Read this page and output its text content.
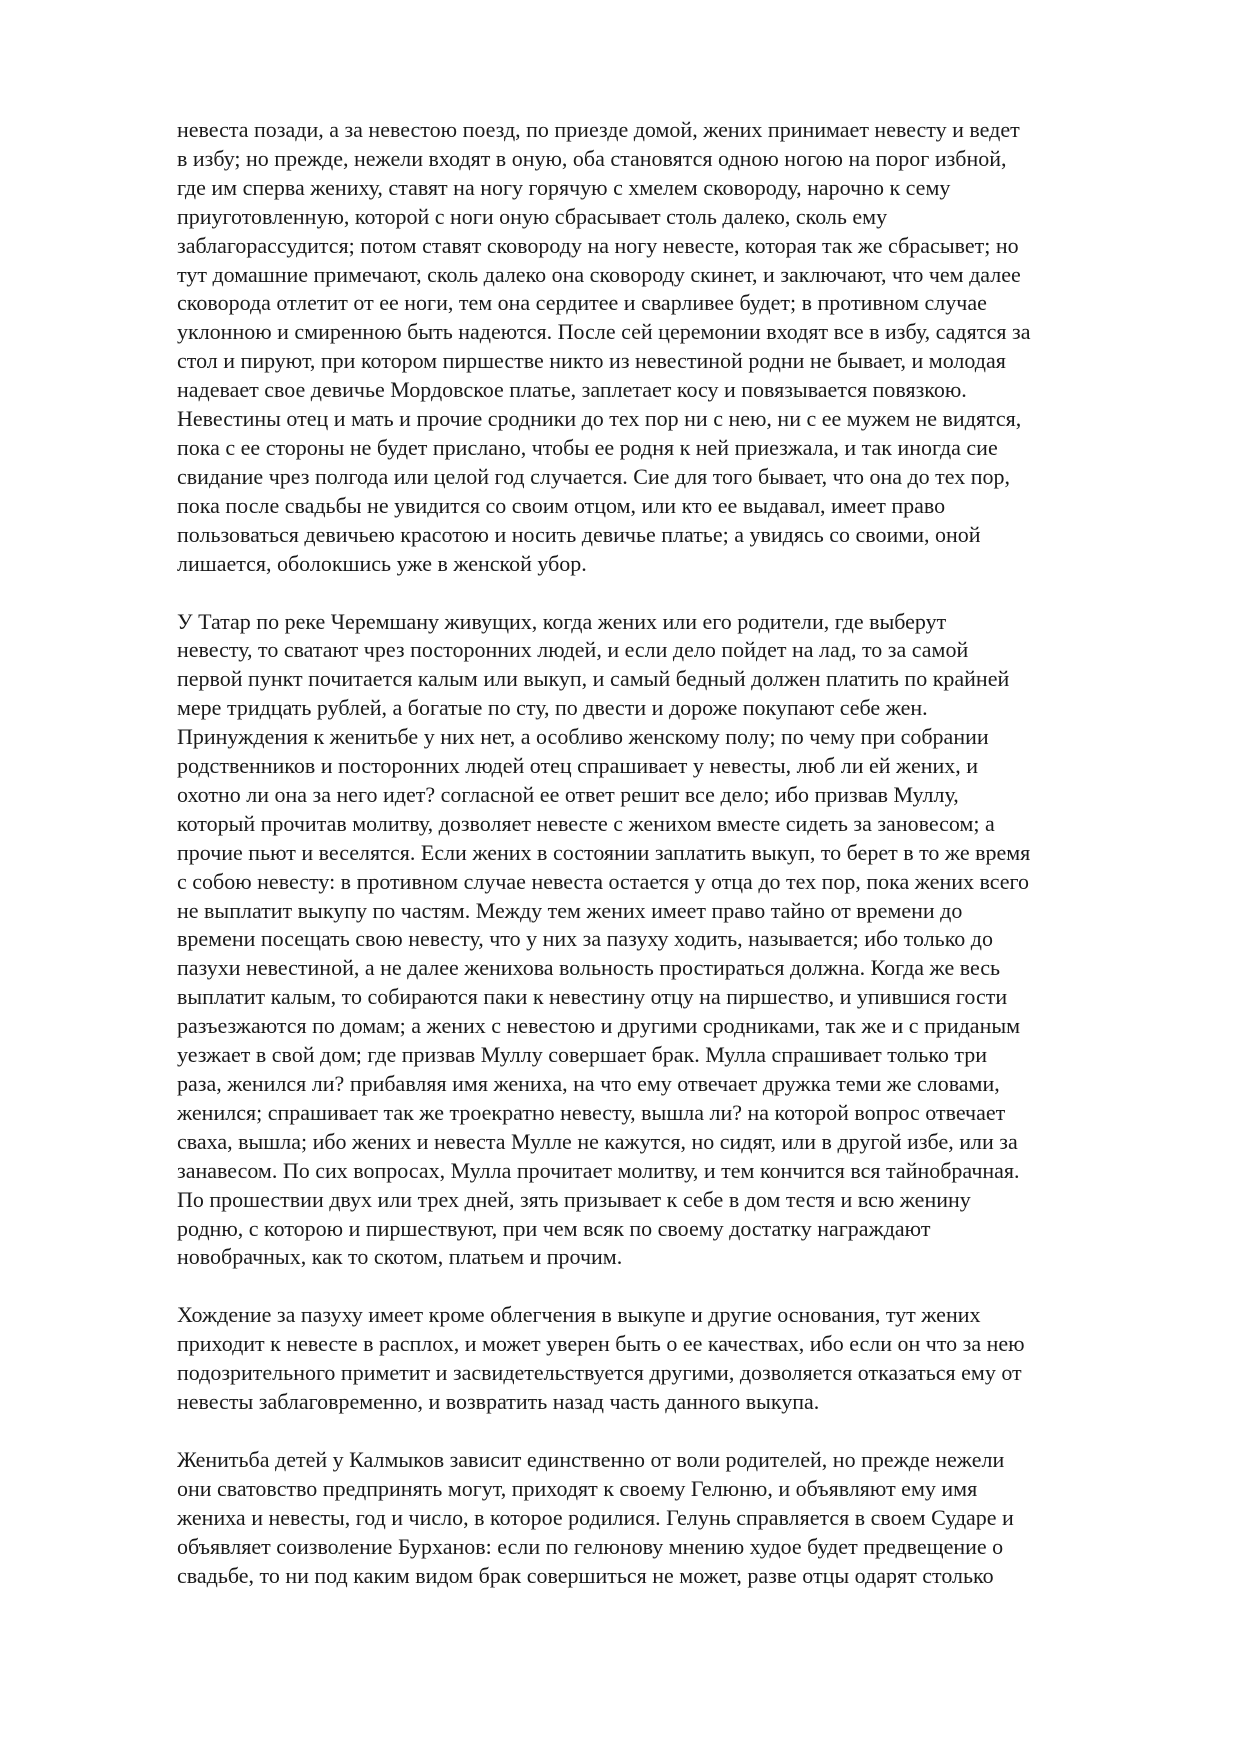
невеста позади, а за невестою поезд, по приезде домой, жених принимает невесту и ведет
в избу; но прежде, нежели входят в оную, оба становятся одною ногою на порог избной,
где им сперва жениху, ставят на ногу горячую с хмелем сковороду, нарочно к сему
приуготовленную, которой с ноги оную сбрасывает столь далеко, сколь ему
заблагорассудится; потом ставят сковороду на ногу невесте, которая так же сбрасывет; но
тут домашние примечают, сколь далеко она сковороду скинет, и заключают, что чем далее
сковорода отлетит от ее ноги, тем она сердитее и сварливее будет; в противном случае
уклонною и смиренною быть надеются. После сей церемонии входят все в избу, садятся за
стол и пируют, при котором пиршестве никто из невестиной родни не бывает, и молодая
надевает свое девичье Мордовское платье, заплетает косу и повязывается повязкою.
Невестины отец и мать и прочие сродники до тех пор ни с нею, ни с ее мужем не видятся,
пока с ее стороны не будет прислано, чтобы ее родня к ней приезжала, и так иногда сие
свидание чрез полгода или целой год случается. Сие для того бывает, что она до тех пор,
пока после свадьбы не увидится со своим отцом, или кто ее выдавал, имеет право
пользоваться девичьею красотою и носить девичье платье; а увидясь со своими, оной
лишается, оболокшись уже в женской убор.

У Татар по реке Черемшану живущих, когда жених или его родители, где выберут
невесту, то сватают чрез посторонних людей, и если дело пойдет на лад, то за самой
первой пункт почитается калым или выкуп, и самый бедный должен платить по крайней
мере тридцать рублей, а богатые по сту, по двести и дороже покупают себе жен.
Принуждения к женитьбе у них нет, а особливо женскому полу; по чему при собрании
родственников и посторонних людей отец спрашивает у невесты, люб ли ей жених, и
охотно ли она за него идет? согласной ее ответ решит все дело; ибо призвав Муллу,
который прочитав молитву, дозволяет невесте с женихом вместе сидеть за зановесом; а
прочие пьют и веселятся. Если жених в состоянии заплатить выкуп, то берет в то же время
с собою невесту: в противном случае невеста остается у отца до тех пор, пока жених всего
не выплатит выкупу по частям. Между тем жених имеет право тайно от времени до
времени посещать свою невесту, что у них за пазуху ходить, называется; ибо только до
пазухи невестиной, а не далее женихова вольность простираться должна. Когда же весь
выплатит калым, то собираются паки к невестину отцу на пиршество, и упившися гости
разъезжаются по домам; а жених с невестою и другими сродниками, так же и с приданым
уезжает в свой дом; где призвав Муллу совершает брак. Мулла спрашивает только три
раза, женился ли? прибавляя имя жениха, на что ему отвечает дружка теми же словами,
женился; спрашивает так же троекратно невесту, вышла ли? на которой вопрос отвечает
сваха, вышла; ибо жених и невеста Мулле не кажутся, но сидят, или в другой избе, или за
занавесом. По сих вопросах, Мулла прочитает молитву, и тем кончится вся тайнобрачная.
По прошествии двух или трех дней, зять призывает к себе в дом тестя и всю женину
родню, с которою и пиршествуют, при чем всяк по своему достатку награждают
новобрачных, как то скотом, платьем и прочим.

Хождение за пазуху имеет кроме облегчения в выкупе и другие основания, тут жених
приходит к невесте в расплох, и может уверен быть о ее качествах, ибо если он что за нею
подозрительного приметит и засвидетельствуется другими, дозволяется отказаться ему от
невесты заблаговременно, и возвратить назад часть данного выкупа.

Женитьба детей у Калмыков зависит единственно от воли родителей, но прежде нежели
они сватовство предпринять могут, приходят к своему Гелюню, и объявляют ему имя
жениха и невесты, год и число, в которое родилися. Гелунь справляется в своем Сударе и
объявляет соизволение Бурханов: если по гелюнову мнению худое будет предвещение о
свадьбе, то ни под каким видом брак совершиться не может, разве отцы одарят столько
